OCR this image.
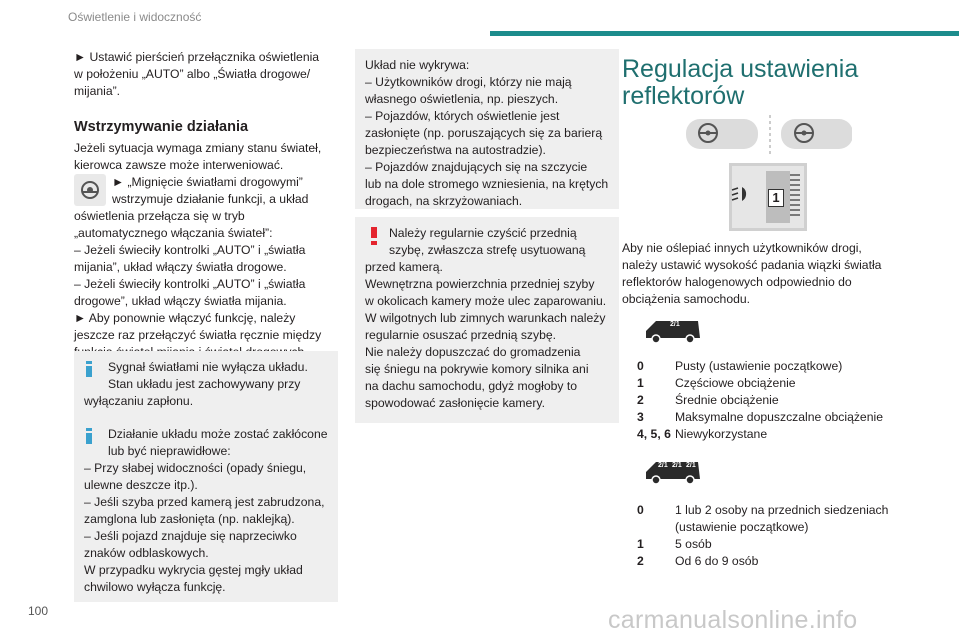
Oświetlenie i widoczność

► Ustawić pierścień przełącznika oświetlenia

w położeniu „AUTO” albo „Światła drogowe/

mijania”.

Wstrzymywanie działania

Jeżeli sytuacja wymaga zmiany stanu świateł,

kierowca zawsze może interweniować.

► „Mignięcie światłami drogowymi”

wstrzymuje działanie funkcji, a układ

oświetlenia przełącza się w tryb

„automatycznego włączania świateł”:

– Jeżeli świeciły kontrolki „AUTO” i „światła

mijania”, układ włączy światła drogowe.

– Jeżeli świeciły kontrolki „AUTO” i „światła

drogowe”, układ włączy światła mijania.

► Aby ponownie włączyć funkcję, należy

jeszcze raz przełączyć światła ręcznie między

Sygnał światłami nie wyłącza układu.

Stan układu jest zachowywany przy

wyłączaniu zapłonu.

Działanie układu może zostać zakłócone

lub być nieprawidłowe:

– Przy słabej widoczności (opady śniegu,

ulewne deszcze itp.).

– Jeśli szyba przed kamerą jest zabrudzona,

zamglona lub zasłonięta (np. naklejką).

– Jeśli pojazd znajduje się naprzeciwko

znaków odblaskowych.

W przypadku wykrycia gęstej mgły układ

chwilowo wyłącza funkcję.

Układ nie wykrywa:

– Użytkowników drogi, którzy nie mają

własnego oświetlenia, np. pieszych.

– Pojazdów, których oświetlenie jest

zasłonięte (np. poruszających się za barierą

bezpieczeństwa na autostradzie).

– Pojazdów znajdujących się na szczycie

lub na dole stromego wzniesienia, na krętych

drogach, na skrzyżowaniach.

Należy regularnie czyścić przednią

szybę, zwłaszcza strefę usytuowaną

przed kamerą.

Wewnętrzna powierzchnia przedniej szyby

w okolicach kamery może ulec zaparowaniu.

W wilgotnych lub zimnych warunkach należy

regularnie osuszać przednią szybę.

Nie należy dopuszczać do gromadzenia

się śniegu na pokrywie komory silnika ani

na dachu samochodu, gdyż mogłoby to

spowodować zasłonięcie kamery.

Regulacja ustawienia

reflektorów

1

Aby nie oślepiać innych użytkowników drogi,

należy ustawić wysokość padania wiązki światła

reflektorów halogenowych odpowiednio do

obciążenia samochodu.

2/1
0	Pusty (ustawienie początkowe)
1	Częściowe obciążenie
2	Średnie obciążenie
3	Maksymalne dopuszczalne obciążenie
4, 5, 6 Niewykorzystane
2/1 2/1 2/1
0	1 lub 2 osoby na przednich siedzeniach
(ustawienie początkowe)
1	5 osób
2	Od 6 do 9 osób
100	carmanualsonline.info
